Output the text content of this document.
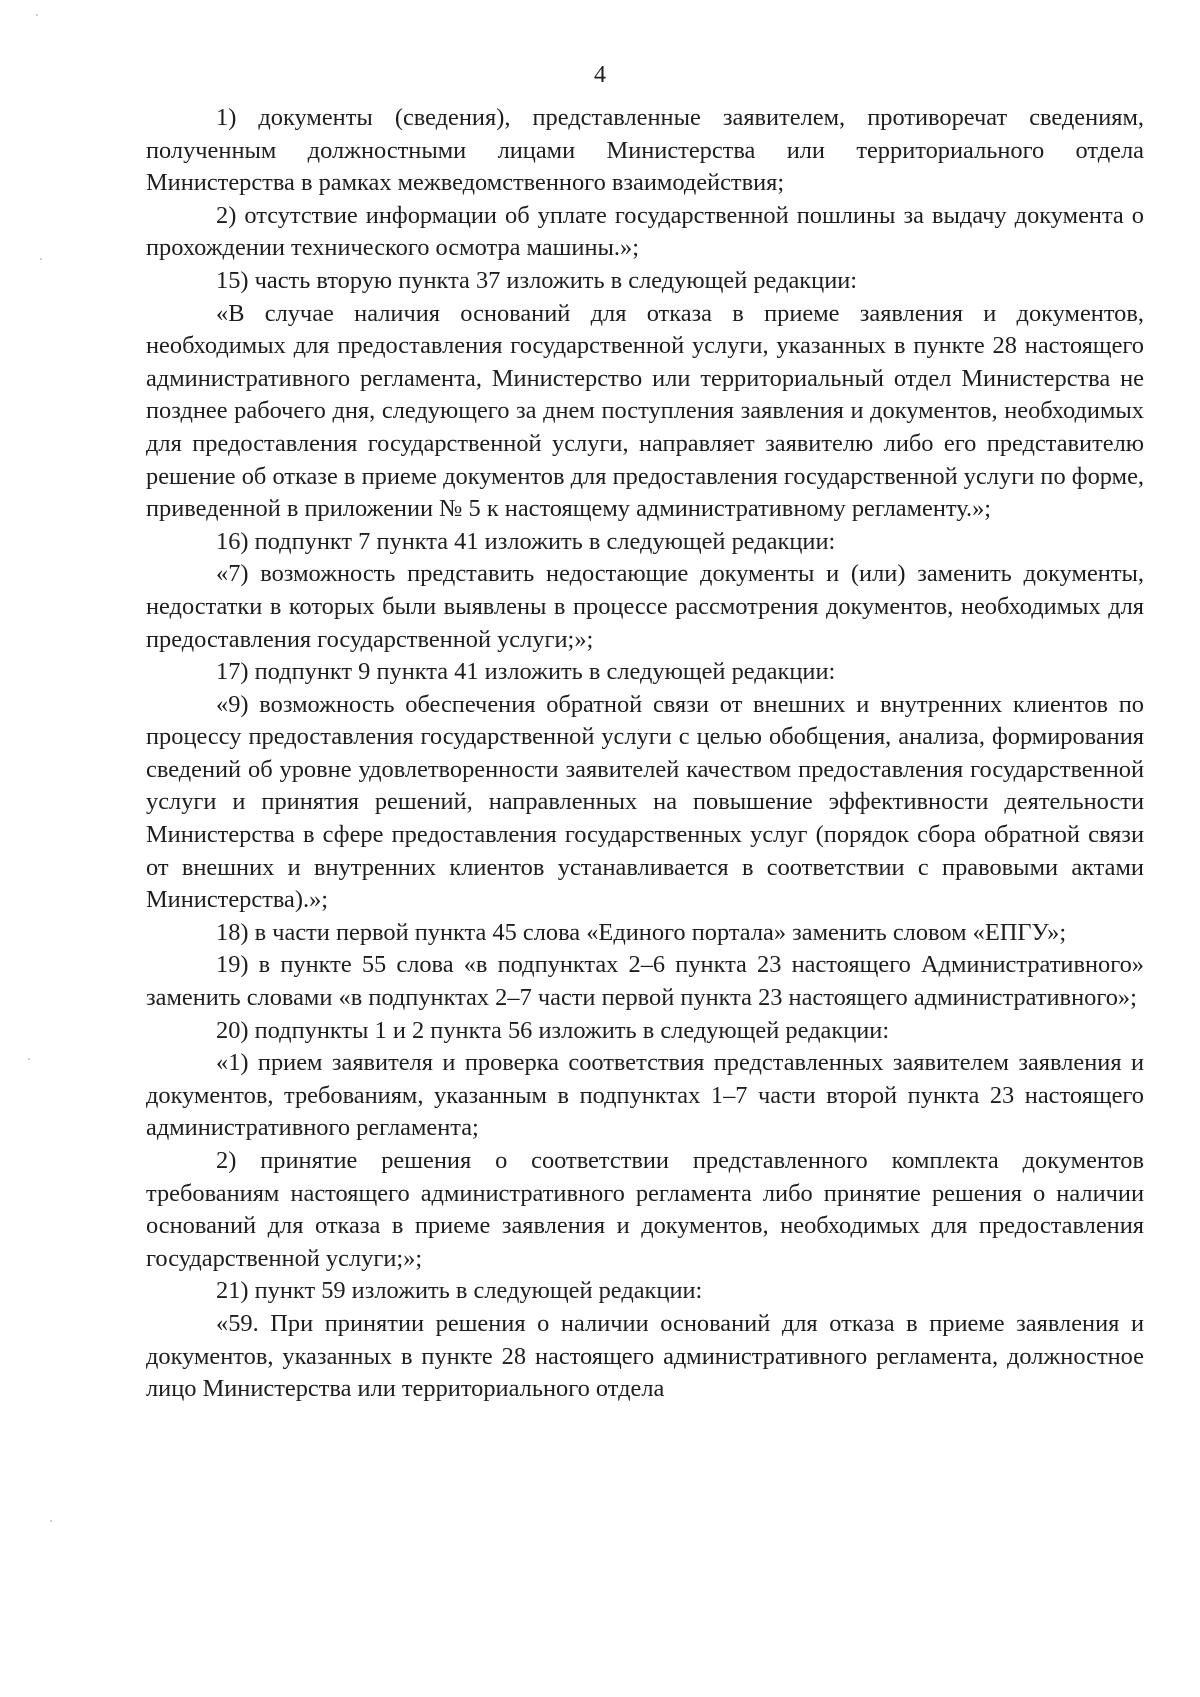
4

1) документы (сведения), представленные заявителем, противоречат сведениям, полученным должностными лицами Министерства или территориального отдела Министерства в рамках межведомственного взаимодействия;

2) отсутствие информации об уплате государственной пошлины за выдачу документа о прохождении технического осмотра машины.»;

15) часть вторую пункта 37 изложить в следующей редакции:

«В случае наличия оснований для отказа в приеме заявления и документов, необходимых для предоставления государственной услуги, указанных в пункте 28 настоящего административного регламента, Министерство или территориальный отдел Министерства не позднее рабочего дня, следующего за днем поступления заявления и документов, необходимых для предоставления государственной услуги, направляет заявителю либо его представителю решение об отказе в приеме документов для предоставления государственной услуги по форме, приведенной в приложении № 5 к настоящему административному регламенту.»;

16) подпункт 7 пункта 41 изложить в следующей редакции:

«7) возможность представить недостающие документы и (или) заменить документы, недостатки в которых были выявлены в процессе рассмотрения документов, необходимых для предоставления государственной услуги;»;

17) подпункт 9 пункта 41 изложить в следующей редакции:

«9) возможность обеспечения обратной связи от внешних и внутренних клиентов по процессу предоставления государственной услуги с целью обобщения, анализа, формирования сведений об уровне удовлетворенности заявителей качеством предоставления государственной услуги и принятия решений, направленных на повышение эффективности деятельности Министерства в сфере предоставления государственных услуг (порядок сбора обратной связи от внешних и внутренних клиентов устанавливается в соответствии с правовыми актами Министерства).»;

18) в части первой пункта 45 слова «Единого портала» заменить словом «ЕПГУ»;

19) в пункте 55 слова «в подпунктах 2–6 пункта 23 настоящего Административного» заменить словами «в подпунктах 2–7 части первой пункта 23 настоящего административного»;

20) подпункты 1 и 2 пункта 56 изложить в следующей редакции:

«1) прием заявителя и проверка соответствия представленных заявителем заявления и документов, требованиям, указанным в подпунктах 1–7 части второй пункта 23 настоящего административного регламента;

2) принятие решения о соответствии представленного комплекта документов требованиям настоящего административного регламента либо принятие решения о наличии оснований для отказа в приеме заявления и документов, необходимых для предоставления государственной услуги;»;

21) пункт 59 изложить в следующей редакции:

«59. При принятии решения о наличии оснований для отказа в приеме заявления и документов, указанных в пункте 28 настоящего административного регламента, должностное лицо Министерства или территориального отдела
